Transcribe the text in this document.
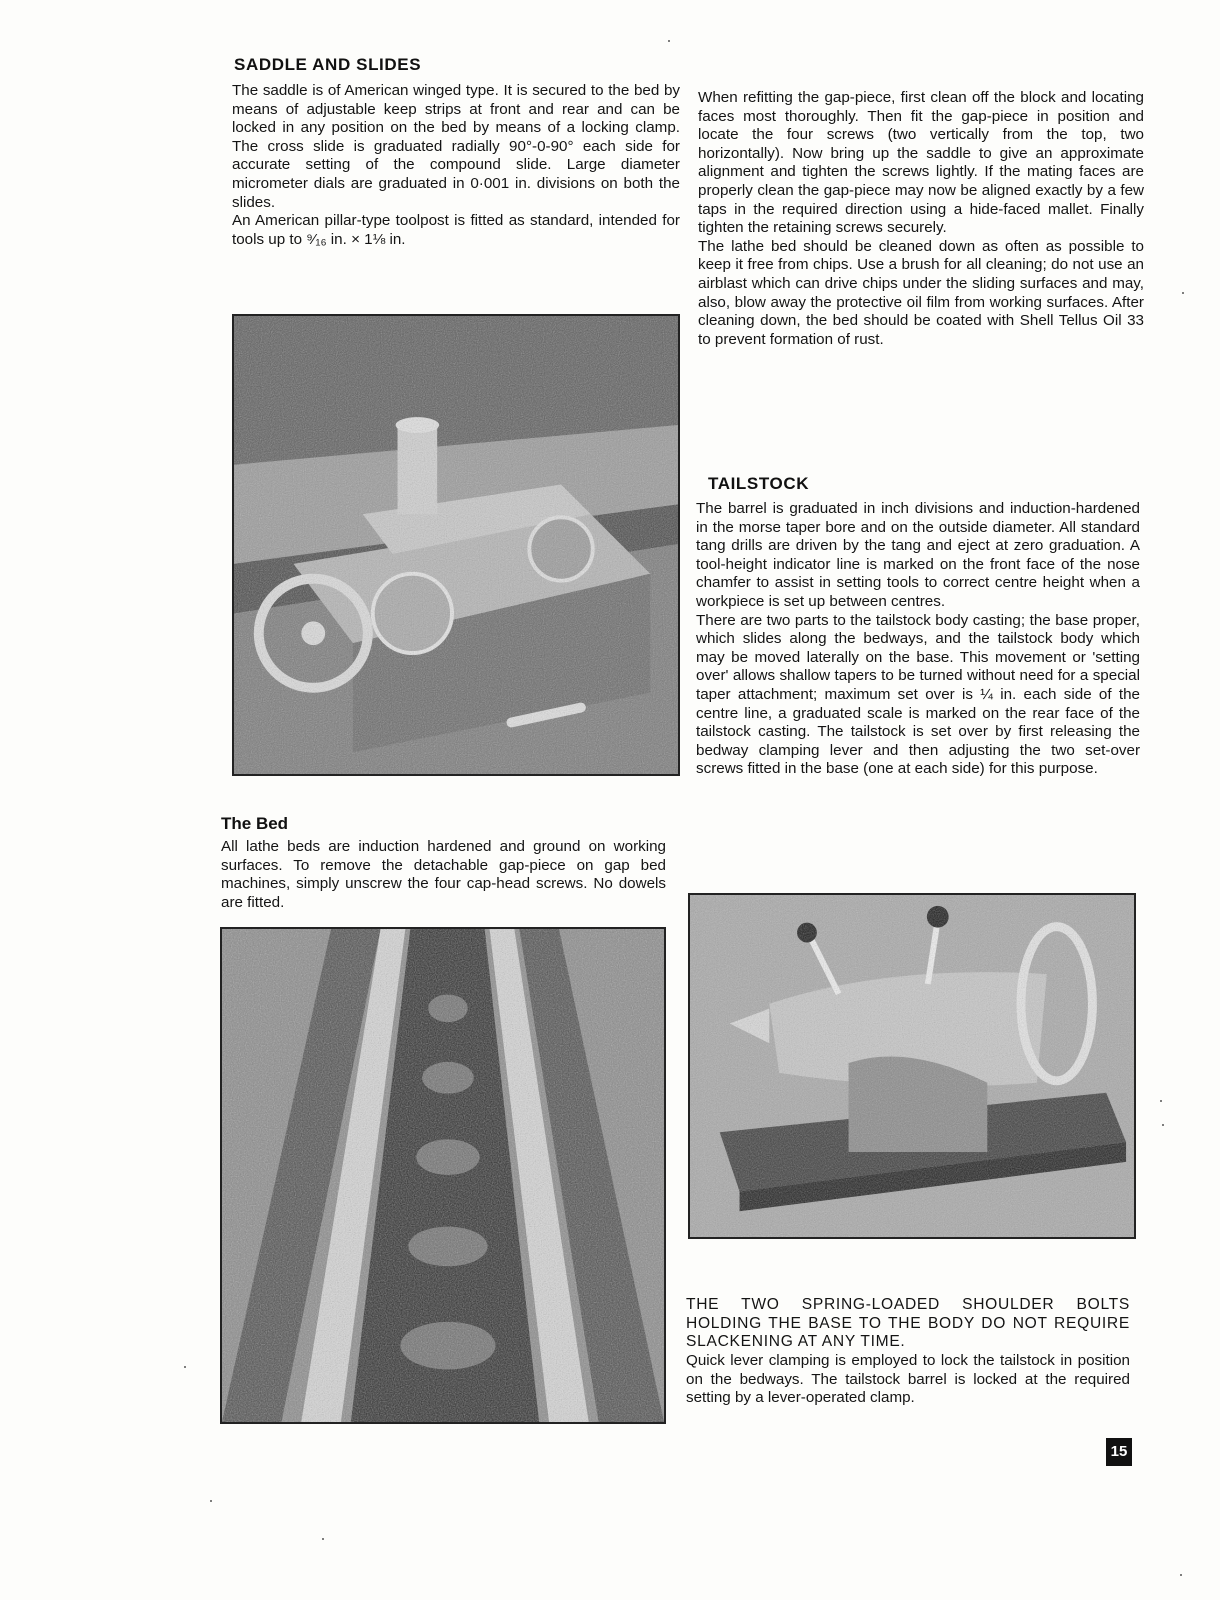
SADDLE AND SLIDES
The saddle is of American winged type. It is secured to the bed by means of adjustable keep strips at front and rear and can be locked in any position on the bed by means of a locking clamp. The cross slide is graduated radially 90°-0-90° each side for accurate setting of the compound slide. Large diameter micrometer dials are graduated in 0·001 in. divisions on both the slides.
An American pillar-type toolpost is fitted as standard, intended for tools up to ⁹⁄₁₆ in. × 1⅛ in.
The Bed
All lathe beds are induction hardened and ground on working surfaces. To remove the detachable gap-piece on gap bed machines, simply unscrew the four cap-head screws. No dowels are fitted.
When refitting the gap-piece, first clean off the block and locating faces most thoroughly. Then fit the gap-piece in position and locate the four screws (two vertically from the top, two horizontally). Now bring up the saddle to give an approximate alignment and tighten the screws lightly. If the mating faces are properly clean the gap-piece may now be aligned exactly by a few taps in the required direction using a hide-faced mallet. Finally tighten the retaining screws securely.
The lathe bed should be cleaned down as often as possible to keep it free from chips. Use a brush for all cleaning; do not use an airblast which can drive chips under the sliding surfaces and may, also, blow away the protective oil film from working surfaces. After cleaning down, the bed should be coated with Shell Tellus Oil 33 to prevent formation of rust.
TAILSTOCK
The barrel is graduated in inch divisions and induction-hardened in the morse taper bore and on the outside diameter. All standard tang drills are driven by the tang and eject at zero graduation. A tool-height indicator line is marked on the front face of the nose chamfer to assist in setting tools to correct centre height when a workpiece is set up between centres.
There are two parts to the tailstock body casting; the base proper, which slides along the bedways, and the tailstock body which may be moved laterally on the base. This movement or 'setting over' allows shallow tapers to be turned without need for a special taper attachment; maximum set over is ¼ in. each side of the centre line, a graduated scale is marked on the rear face of the tailstock casting. The tailstock is set over by first releasing the bedway clamping lever and then adjusting the two set-over screws fitted in the base (one at each side) for this purpose.
THE TWO SPRING-LOADED SHOULDER BOLTS HOLDING THE BASE TO THE BODY DO NOT REQUIRE SLACKENING AT ANY TIME.
Quick lever clamping is employed to lock the tailstock in position on the bedways. The tailstock barrel is locked at the required setting by a lever-operated clamp.
15
